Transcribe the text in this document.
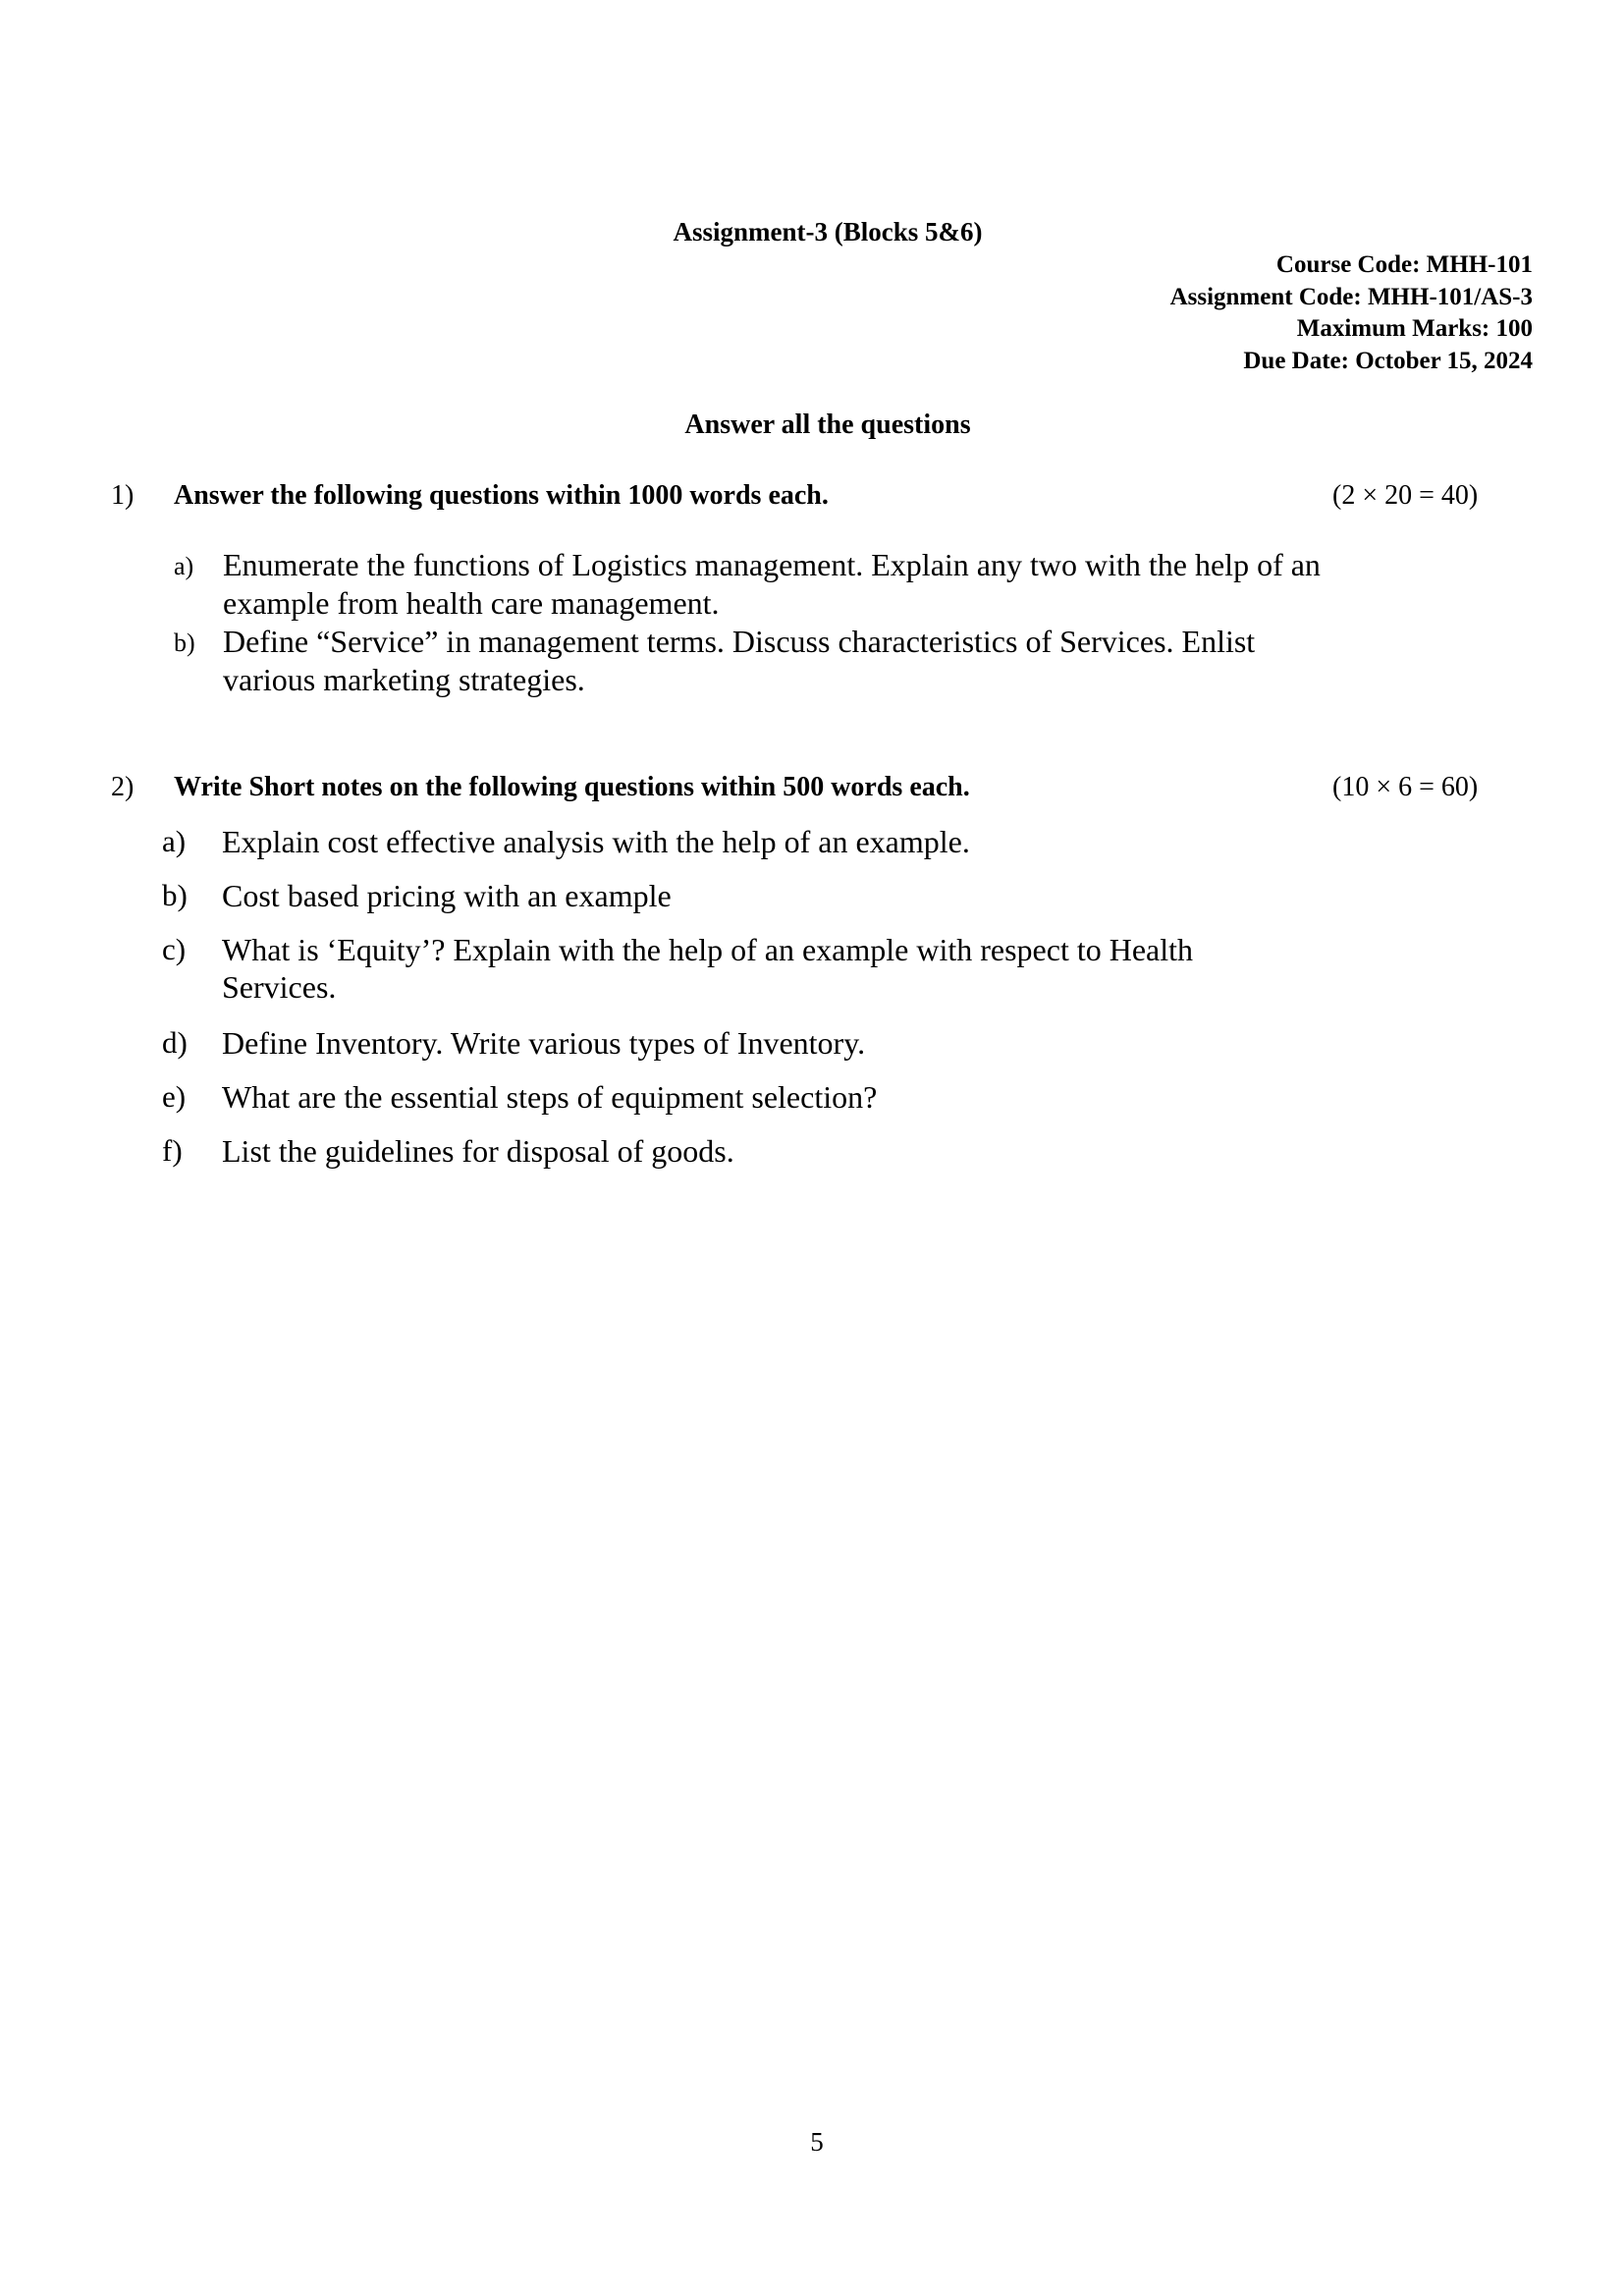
Assignment-3 (Blocks 5&6)
Course Code: MHH-101
Assignment Code: MHH-101/AS-3
Maximum Marks: 100
Due Date: October 15, 2024
Answer all the questions
1) Answer the following questions within 1000 words each.	(2 × 20 = 40)
a) Enumerate the functions of Logistics management. Explain any two with the help of an example from health care management.
b) Define “Service” in management terms. Discuss characteristics of Services. Enlist various marketing strategies.
2) Write Short notes on the following questions within 500 words each.	(10 × 6 = 60)
a) Explain cost effective analysis with the help of an example.
b) Cost based pricing with an example
c) What is ‘Equity’? Explain with the help of an example with respect to Health Services.
d) Define Inventory. Write various types of Inventory.
e) What are the essential steps of equipment selection?
f) List the guidelines for disposal of goods.
5
